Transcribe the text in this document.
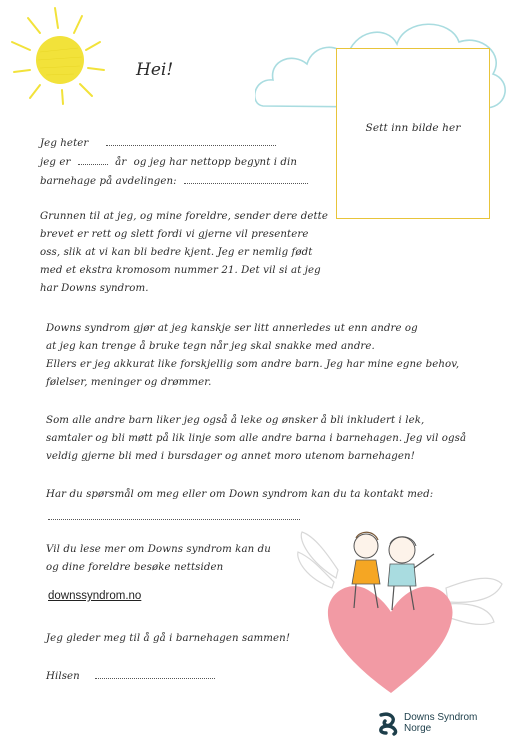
Sett inn bilde her
Hei!
Jeg heter
jeg er	år og jeg har nettopp begynt i din
barnehage på avdelingen:
Grunnen til at jeg, og mine foreldre, sender dere dette
brevet er rett og slett fordi vi gjerne vil presentere
oss, slik at vi kan bli bedre kjent. Jeg er nemlig født
med et ekstra kromosom nummer 21. Det vil si at jeg
har Downs syndrom.
Downs syndrom gjør at jeg kanskje ser litt annerledes ut enn andre og
at jeg kan trenge å bruke tegn når jeg skal snakke med andre.
Ellers er jeg akkurat like forskjellig som andre barn. Jeg har mine egne behov,
følelser, meninger og drømmer.
Som alle andre barn liker jeg også å leke og ønsker å bli inkludert i lek,
samtaler og bli møtt på lik linje som alle andre barna i barnehagen. Jeg vil også
veldig gjerne bli med i bursdager og annet moro utenom barnehagen!
Har du spørsmål om meg eller om Down syndrom kan du ta kontakt med:
Vil du lese mer om Downs syndrom kan du
og dine foreldre besøke nettsiden
downssyndrom.no
Jeg gleder meg til å gå i barnehagen sammen!
Hilsen
Downs Syndrom
Norge
